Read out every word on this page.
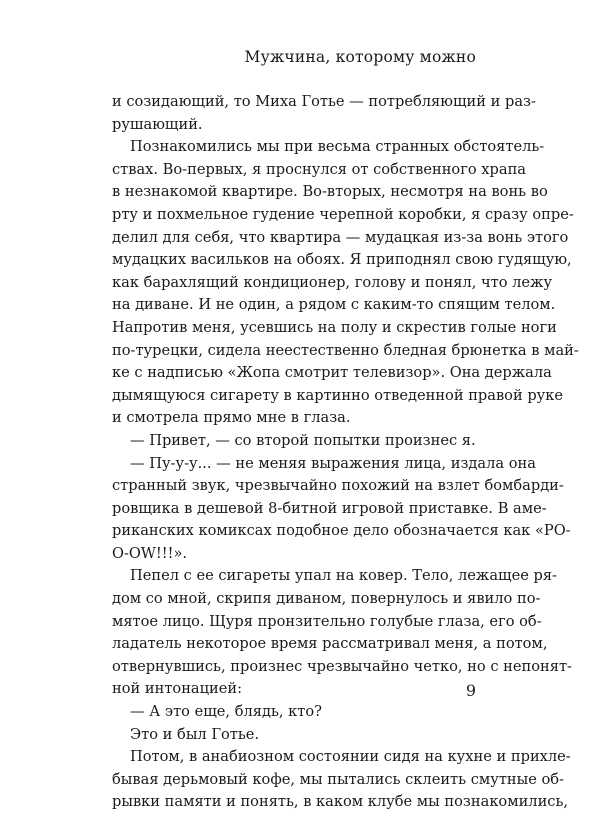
Мужчина, которому можно
и созидающий, то Миха Готье — потребляющий и раз-
рушающий.
Познакомились мы при весьма странных обстоятель-
ствах. Во-первых, я проснулся от собственного храпа
в незнакомой квартире. Во-вторых, несмотря на вонь во
рту и похмельное гудение черепной коробки, я сразу опре-
делил для себя, что квартира — мудацкая из-за вонь этого
мудацких васильков на обоях. Я приподнял свою гудящую,
как барахлящий кондиционер, голову и понял, что лежу
на диване. И не один, а рядом с каким-то спящим телом.
Напротив меня, усевшись на полу и скрестив голые ноги
по-турецки, сидела неестественно бледная брюнетка в май-
ке с надписью «Жопа смотрит телевизор». Она держала
дымящуюся сигарету в картинно отведенной правой руке
и смотрела прямо мне в глаза.
— Привет, — со второй попытки произнес я.
— Пу-у-у... — не меняя выражения лица, издала она
странный звук, чрезвычайно похожий на взлет бомбарди-
ровщика в дешевой 8-битной игровой приставке. В аме-
риканских комиксах подобное дело обозначается как «РО-
О-OW!!!».
Пепел с ее сигареты упал на ковер. Тело, лежащее ря-
дом со мной, скрипя диваном, повернулось и явило по-
мятое лицо. Щуря пронзительно голубые глаза, его об-
ладатель некоторое время рассматривал меня, а потом,
отвернувшись, произнес чрезвычайно четко, но с непонят-
ной интонацией:
— А это еще, блядь, кто?
Это и был Готье.
Потом, в анабиозном состоянии сидя на кухне и прихле-
бывая дерьмовый кофе, мы пытались склеить смутные об-
рывки памяти и понять, в каком клубе мы познакомились,
9
